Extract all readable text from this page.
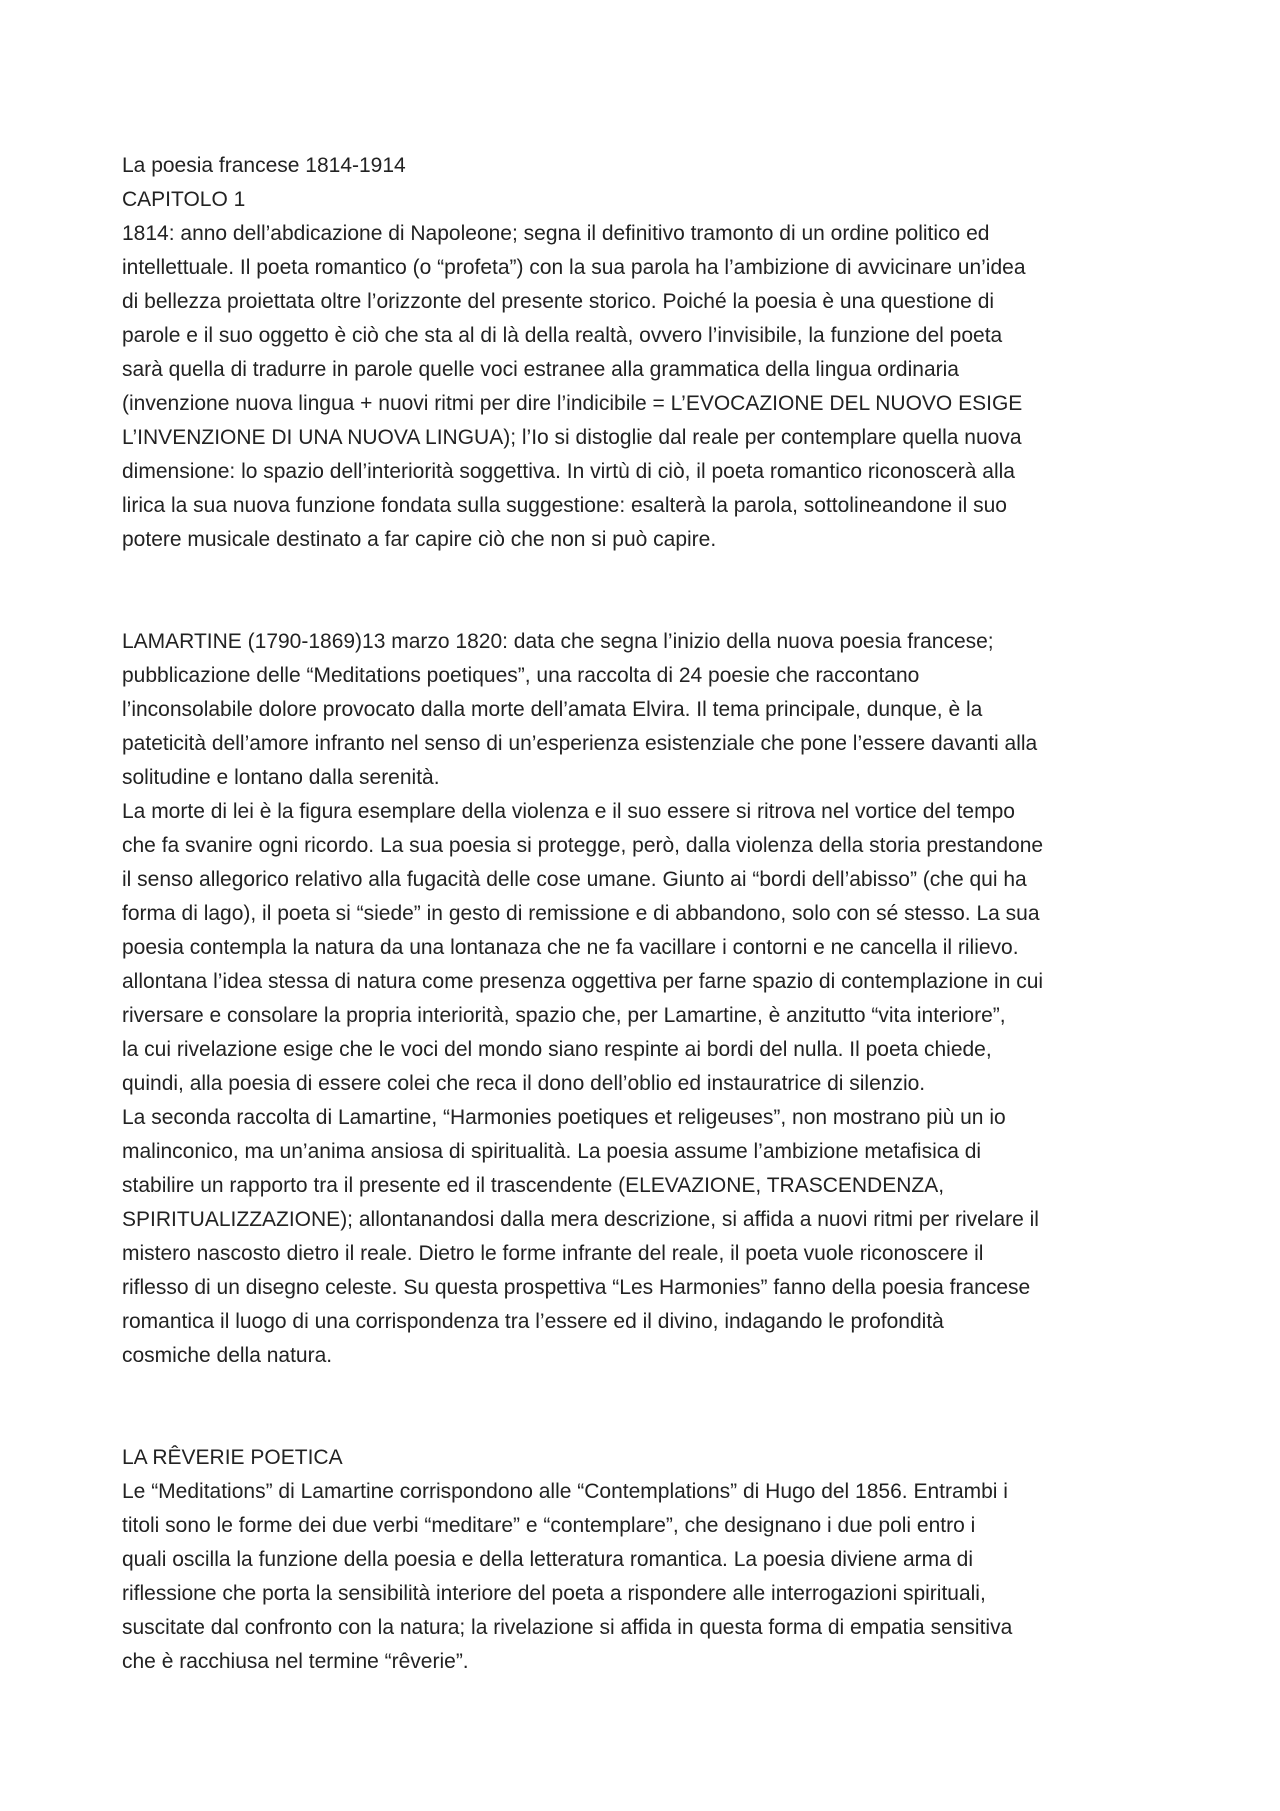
La poesia francese 1814-1914
CAPITOLO 1
1814: anno dell’abdicazione di Napoleone; segna il definitivo tramonto di un ordine politico ed
intellettuale. Il poeta romantico (o “profeta”) con la sua parola ha l’ambizione di avvicinare un’idea
di bellezza proiettata oltre l’orizzonte del presente storico. Poiché la poesia è una questione di
parole e il suo oggetto è ciò che sta al di là della realtà, ovvero l’invisibile, la funzione del poeta
sarà quella di tradurre in parole quelle voci estranee alla grammatica della lingua ordinaria
(invenzione nuova lingua + nuovi ritmi per dire l’indicibile = L’EVOCAZIONE DEL NUOVO ESIGE
L’INVENZIONE DI UNA NUOVA LINGUA); l’Io si distoglie dal reale per contemplare quella nuova
dimensione: lo spazio dell’interiorità soggettiva. In virtù di ciò, il poeta romantico riconoscerà alla
lirica la sua nuova funzione fondata sulla suggestione: esalterà la parola, sottolineandone il suo
potere musicale destinato a far capire ciò che non si può capire.
LAMARTINE (1790-1869)13 marzo 1820: data che segna l’inizio della nuova poesia francese;
pubblicazione delle “Meditations poetiques”, una raccolta di 24 poesie che raccontano
l’inconsolabile dolore provocato dalla morte dell’amata Elvira. Il tema principale, dunque, è la
pateticità dell’amore infranto nel senso di un’esperienza esistenziale che pone l’essere davanti alla
solitudine e lontano dalla serenità.
La morte di lei è la figura esemplare della violenza e il suo essere si ritrova nel vortice del tempo
che fa svanire ogni ricordo. La sua poesia si protegge, però, dalla violenza della storia prestandone
il senso allegorico relativo alla fugacità delle cose umane. Giunto ai “bordi dell’abisso” (che qui ha
forma di lago), il poeta si “siede” in gesto di remissione e di abbandono, solo con sé stesso. La sua
poesia contempla la natura da una lontanaza che ne fa vacillare i contorni e ne cancella il rilievo.
allontana l’idea stessa di natura come presenza oggettiva per farne spazio di contemplazione in cui
riversare e consolare la propria interiorità, spazio che, per Lamartine, è anzitutto “vita interiore”,
la cui rivelazione esige che le voci del mondo siano respinte ai bordi del nulla. Il poeta chiede,
quindi, alla poesia di essere colei che reca il dono dell’oblio ed instauratrice di silenzio.
La seconda raccolta di Lamartine, “Harmonies poetiques et religeuses”, non mostrano più un io
malinconico, ma un’anima ansiosa di spiritualità. La poesia assume l’ambizione metafisica di
stabilire un rapporto tra il presente ed il trascendente (ELEVAZIONE, TRASCENDENZA,
SPIRITUALIZZAZIONE); allontanandosi dalla mera descrizione, si affida a nuovi ritmi per rivelare il
mistero nascosto dietro il reale. Dietro le forme infrante del reale, il poeta vuole riconoscere il
riflesso di un disegno celeste. Su questa prospettiva “Les Harmonies” fanno della poesia francese
romantica il luogo di una corrispondenza tra l’essere ed il divino, indagando le profondità
cosmiche della natura.
LA RÊVERIE POETICA
Le “Meditations” di Lamartine corrispondono alle “Contemplations” di Hugo del 1856. Entrambi i
titoli sono le forme dei due verbi “meditare” e “contemplare”, che designano i due poli entro i
quali oscilla la funzione della poesia e della letteratura romantica. La poesia diviene arma di
riflessione che porta la sensibilità interiore del poeta a rispondere alle interrogazioni spirituali,
suscitate dal confronto con la natura; la rivelazione si affida in questa forma di empatia sensitiva
che è racchiusa nel termine “rêverie”.
